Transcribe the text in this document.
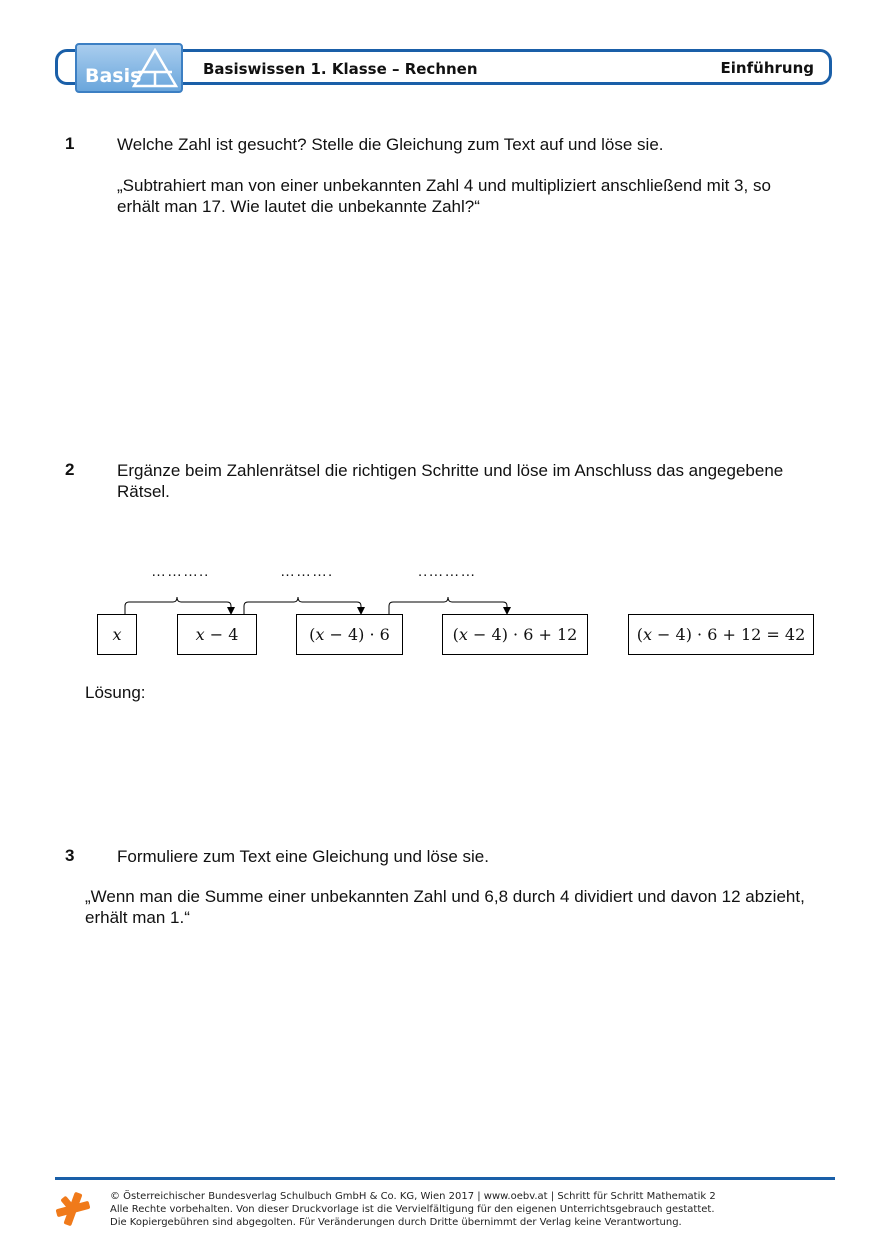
Basis	Basiswissen 1. Klasse – Rechnen	Einführung
1	Welche Zahl ist gesucht? Stelle die Gleichung zum Text auf und löse sie.
„Subtrahiert man von einer unbekannten Zahl 4 und multipliziert anschließend mit 3, so
erhält man 17. Wie lautet die unbekannte Zahl?“
2	Ergänze beim Zahlenrätsel die richtigen Schritte und löse im Anschluss das angegebene
Rätsel.
………..	……….	..………
𝑥	𝑥 − 4	(𝑥 − 4) · 6	(𝑥 − 4) · 6 + 12	(𝑥 − 4) · 6 + 12 = 42
Lösung:
3	Formuliere zum Text eine Gleichung und löse sie.
„Wenn man die Summe einer unbekannten Zahl und 6,8 durch 4 dividiert und davon 12 abzieht,
erhält man 1.“
© Österreichischer Bundesverlag Schulbuch GmbH & Co. KG, Wien 2017 | www.oebv.at | Schritt für Schritt Mathematik 2
Alle Rechte vorbehalten. Von dieser Druckvorlage ist die Vervielfältigung für den eigenen Unterrichtsgebrauch gestattet.
Die Kopiergebühren sind abgegolten. Für Veränderungen durch Dritte übernimmt der Verlag keine Verantwortung.
